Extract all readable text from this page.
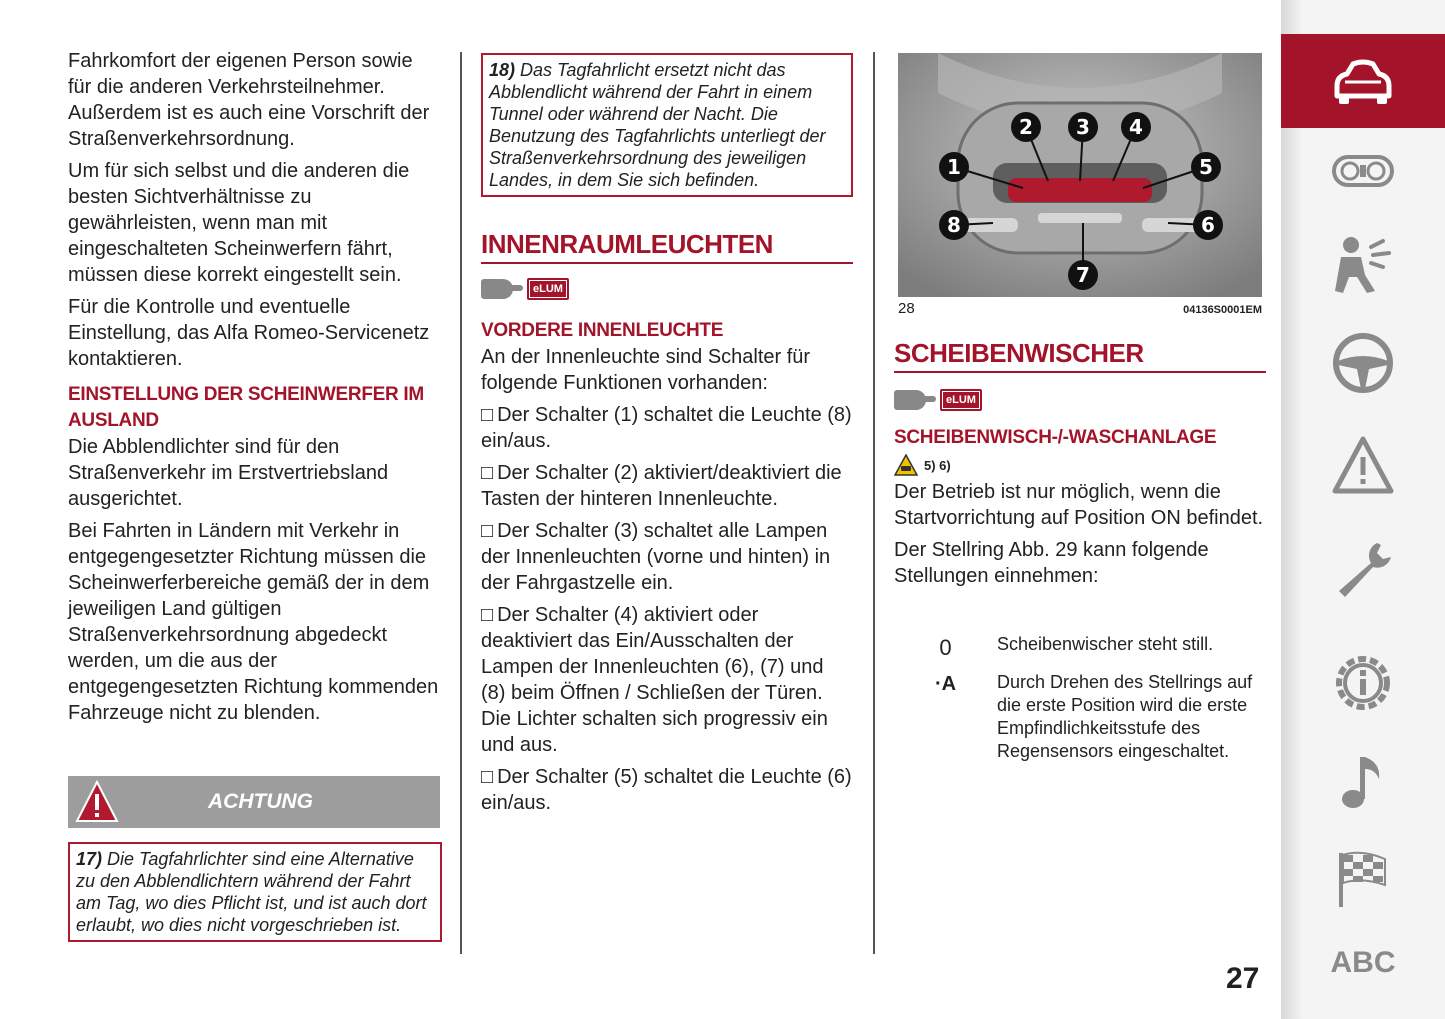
Fahrkomfort der eigenen Person sowie für die anderen Verkehrsteilnehmer. Außerdem ist es auch eine Vorschrift der Straßenverkehrsordnung.

Um für sich selbst und die anderen die besten Sichtverhältnisse zu gewährleisten, wenn man mit eingeschalteten Scheinwerfern fährt, müssen diese korrekt eingestellt sein.

Für die Kontrolle und eventuelle Einstellung, das Alfa Romeo-Servicenetz kontaktieren.

EINSTELLUNG DER SCHEINWERFER IM AUSLAND

Die Abblendlichter sind für den Straßenverkehr im Erstvertriebsland ausgerichtet.

Bei Fahrten in Ländern mit Verkehr in entgegengesetzter Richtung müssen die Scheinwerferbereiche gemäß der in dem jeweiligen Land gültigen Straßenverkehrsordnung abgedeckt werden, um die aus der entgegengesetzten Richtung kommenden Fahrzeuge nicht zu blenden.

ACHTUNG
17) Die Tagfahrlichter sind eine Alternative zu den Abblendlichtern während der Fahrt am Tag, wo dies Pflicht ist, und ist auch dort erlaubt, wo dies nicht vorgeschrieben ist.
18) Das Tagfahrlicht ersetzt nicht das Abblendlicht während der Fahrt in einem Tunnel oder während der Nacht. Die Benutzung des Tagfahrlichts unterliegt der Straßenverkehrsordnung des jeweiligen Landes, in dem Sie sich befinden.
INNENRAUMLEUCHTEN
eLUM
VORDERE INNENLEUCHTE

An der Innenleuchte sind Schalter für folgende Funktionen vorhanden:

□ Der Schalter (1) schaltet die Leuchte (8) ein/aus.

□ Der Schalter (2) aktiviert/deaktiviert die Tasten der hinteren Innenleuchte.

□ Der Schalter (3) schaltet alle Lampen der Innenleuchten (vorne und hinten) in der Fahrgastzelle ein.

□ Der Schalter (4) aktiviert oder deaktiviert das Ein/Ausschalten der Lampen der Innenleuchten (6), (7) und (8) beim Öffnen / Schließen der Türen. Die Lichter schalten sich progressiv ein und aus.

□ Der Schalter (5) schaltet die Leuchte (6) ein/aus.

1
2 3 4
5
6
7
8
28	04136S0001EM
SCHEIBENWISCHER
eLUM
SCHEIBENWISCH-/-WASCHANLAGE
5) 6)

Der Betrieb ist nur möglich, wenn die Startvorrichtung auf Position ON befindet.

Der Stellring Abb. 29 kann folgende Stellungen einnehmen:

0	Scheibenwischer steht still.
·A	Durch Drehen des Stellrings auf die erste Position wird die erste Empfindlichkeitsstufe des Regensensors eingeschaltet.
27 ABC
